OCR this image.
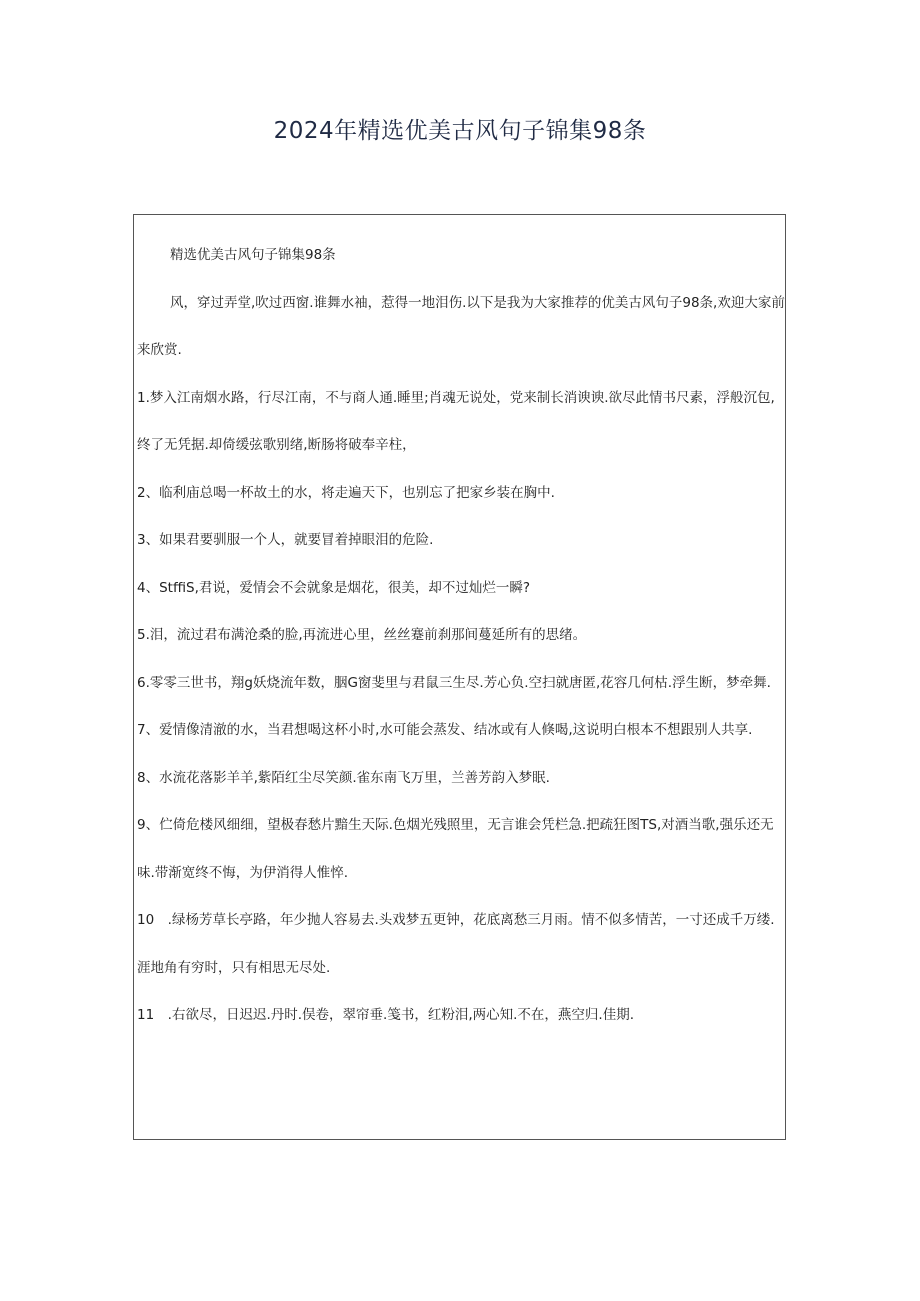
2024年精选优美古风句子锦集98条

精选优美古风句子锦集98条

风，穿过弄堂,吹过西窗.谁舞水袖，惹得一地泪伤.以下是我为大家推荐的优美古风句子98条,欢迎大家前来欣赏.

1.梦入江南烟水路，行尽江南，不与商人通.睡里;肖魂无说处，党来制长消谀谀.欲尽此情书尺素，浮般沉包,终了无凭据.却倚缓弦歌别绪,断肠将破奉辛柱，

2、临利庙总喝一杯故土的水，将走遍天下，也别忘了把家乡装在胸中.

3、如果君要驯服一个人，就要冒着掉眼泪的危险.

4、StffiS,君说，爱情会不会就象是烟花，很美，却不过灿烂一瞬?

5.泪，流过君布满沧桑的脸,再流进心里，丝丝蹇前刹那间蔓延所有的思绪。

6.零零三世书，翔g妖烧流年数，胭G窗斐里与君鼠三生尽.芳心负.空扫就唐匿,花容几何枯.浮生断，梦牵舞.

7、爱情像清澈的水，当君想喝这杯小时,水可能会蒸发、结冰或有人倏喝,这说明白根本不想跟别人共享.

8、水流花落影羊羊,紫陌红尘尽笑颜.雀东南飞万里，兰善芳韵入梦眠.

9、伫倚危楼风细细，望极春愁片黯生天际.色烟光残照里，无言谁会凭栏急.把疏狂图TS,对酒当歌,强乐还无味.带渐宽终不悔，为伊消得人惟悴.

10　.绿杨芳草长亭路，年少抛人容易去.头戏梦五更钟，花底离愁三月雨。情不似多情苦，一寸还成千万缕.涯地角有穷时，只有相思无尽处.

11　.右欲尽，日迟迟.丹时.俣卷，翠帘垂.笺书，红粉泪,两心知.不在，燕空归.佳期.
